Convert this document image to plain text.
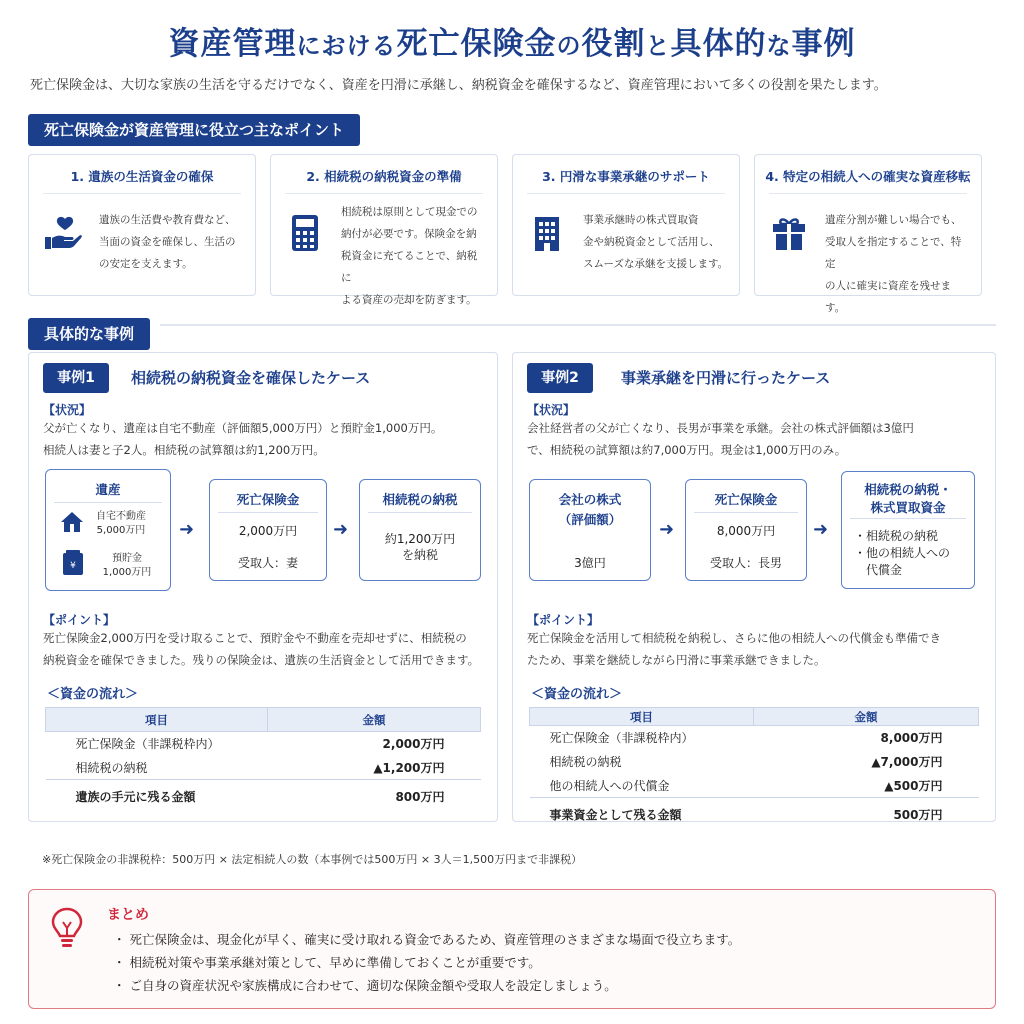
資産管理における死亡保険金の役割と具体的な事例
死亡保険金は、大切な家族の生活を守るだけでなく、資産を円滑に承継し、納税資金を確保するなど、資産管理において多くの役割を果たします。
死亡保険金が資産管理に役立つ主なポイント
1. 遺族の生活資金の確保
遺族の生活費や教育費など、
当面の資金を確保し、生活の
の安定を支えます。
2. 相続税の納税資金の準備
相続税は原則として現金での
納付が必要です。保険金を納
税資金に充てることで、納税に
よる資産の売却を防ぎます。
3. 円滑な事業承継のサポート
事業承継時の株式買取資
金や納税資金として活用し、
スムーズな承継を支援します。
4. 特定の相続人への確実な資産移転
遺産分割が難しい場合でも、
受取人を指定することで、特定
の人に確実に資産を残せます。
具体的な事例
事例1	相続税の納税資金を確保したケース
【状況】
父が亡くなり、遺産は自宅不動産（評価額5,000万円）と預貯金1,000万円。
相続人は妻と子2人。相続税の試算額は約1,200万円。
遺産
自宅不動産
5,000万円
¥
預貯金
1,000万円
➜
死亡保険金
2,000万円
受取人：妻
➜
相続税の納税
約1,200万円
を納税
【ポイント】
死亡保険金2,000万円を受け取ることで、預貯金や不動産を売却せずに、相続税の
納税資金を確保できました。残りの保険金は、遺族の生活資金として活用できます。
＜資金の流れ＞
項目	金額
死亡保険金（非課税枠内）	2,000万円
相続税の納税	▲1,200万円
遺族の手元に残る金額	800万円
事例2	事業承継を円滑に行ったケース
【状況】
会社経営者の父が亡くなり、長男が事業を承継。会社の株式評価額は3億円
で、相続税の試算額は約7,000万円。現金は1,000万円のみ。
会社の株式
（評価額）
3億円
➜
死亡保険金
8,000万円
受取人：長男
➜
相続税の納税・
株式買取資金
・相続税の納税
・他の相続人への
代償金
【ポイント】
死亡保険金を活用して相続税を納税し、さらに他の相続人への代償金も準備でき
たため、事業を継続しながら円滑に事業承継できました。
＜資金の流れ＞
項目	金額
死亡保険金（非課税枠内）	8,000万円
相続税の納税	▲7,000万円
他の相続人への代償金	▲500万円
事業資金として残る金額	500万円
※死亡保険金の非課税枠：500万円 × 法定相続人の数（本事例では500万円 × 3人＝1,500万円まで非課税）
まとめ
・ 死亡保険金は、現金化が早く、確実に受け取れる資金であるため、資産管理のさまざまな場面で役立ちます。
・ 相続税対策や事業承継対策として、早めに準備しておくことが重要です。
・ ご自身の資産状況や家族構成に合わせて、適切な保険金額や受取人を設定しましょう。
